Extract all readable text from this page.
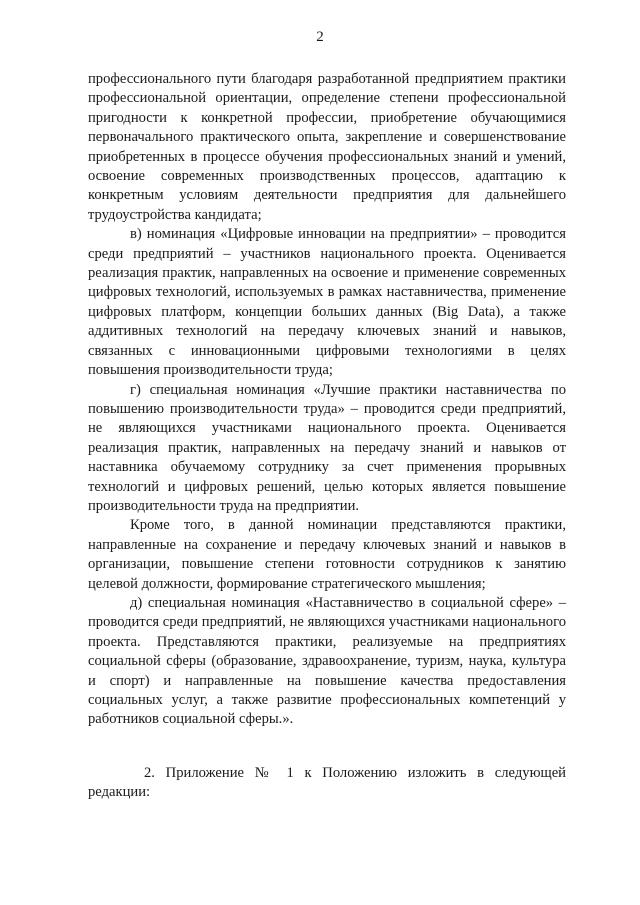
2

профессионального пути благодаря разработанной предприятием практики профессиональной ориентации, определение степени профессиональной пригодности к конкретной профессии, приобретение обучающимися первоначального практического опыта, закрепление и совершенствование приобретенных в процессе обучения профессиональных знаний и умений, освоение современных производственных процессов, адаптацию к конкретным условиям деятельности предприятия для дальнейшего трудоустройства кандидата;

в) номинация «Цифровые инновации на предприятии» – проводится среди предприятий – участников национального проекта. Оценивается реализация практик, направленных на освоение и применение современных цифровых технологий, используемых в рамках наставничества, применение цифровых платформ, концепции больших данных (Big Data), а также аддитивных технологий на передачу ключевых знаний и навыков, связанных с инновационными цифровыми технологиями в целях повышения производительности труда;

г) специальная номинация «Лучшие практики наставничества по повышению производительности труда» – проводится среди предприятий, не являющихся участниками национального проекта. Оценивается реализация практик, направленных на передачу знаний и навыков от наставника обучаемому сотруднику за счет применения прорывных технологий и цифровых решений, целью которых является повышение производительности труда на предприятии.

Кроме того, в данной номинации представляются практики, направленные на сохранение и передачу ключевых знаний и навыков в организации, повышение степени готовности сотрудников к занятию целевой должности, формирование стратегического мышления;

д) специальная номинация «Наставничество в социальной сфере» – проводится среди предприятий, не являющихся участниками национального проекта. Представляются практики, реализуемые на предприятиях социальной сферы (образование, здравоохранение, туризм, наука, культура и спорт) и направленные на повышение качества предоставления социальных услуг, а также развитие профессиональных компетенций у работников социальной сферы.».

2. Приложение № 1 к Положению изложить в следующей редакции:
